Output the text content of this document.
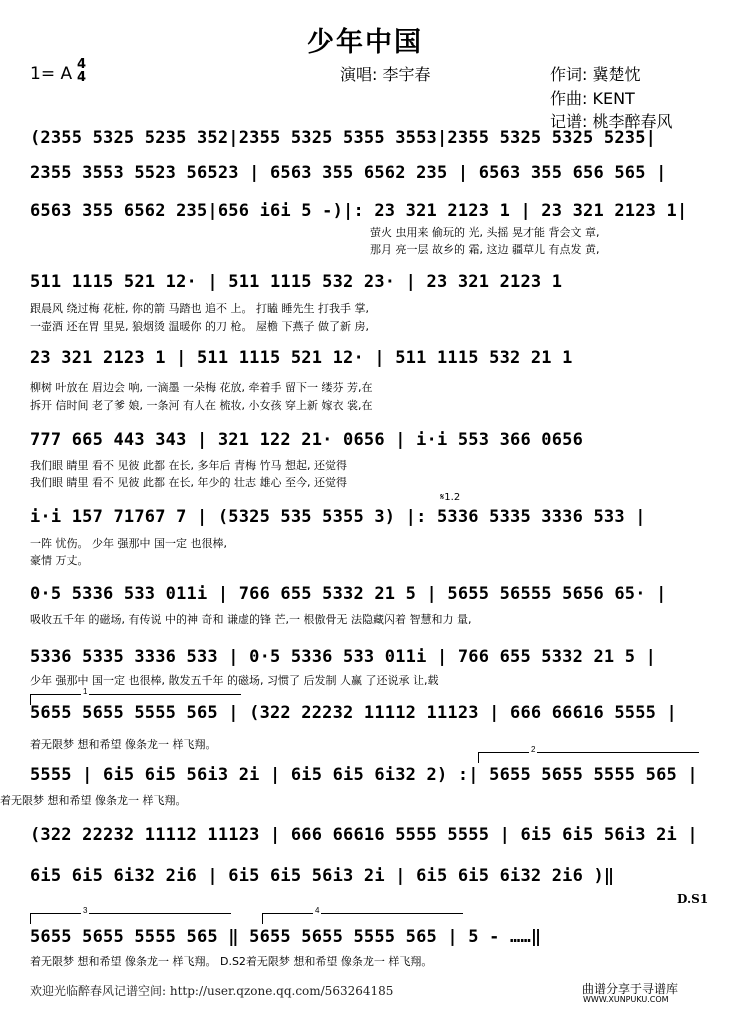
少年中国
1= A 4
4	演唱: 李宇春	作词: 冀楚忱
作曲: KENT
记谱: 桃李醉春风
(2355 5325 5235 352|2355 5325 5355 3553|2355 5325 5325 5235|
2355 3553 5523 56523 | 6563 355 6562 235 | 6563 355 656 565 |
6563 355 6562 235|656 i6i 5 -)|: 23 321 2123 1 | 23 321 2123 1|
萤火 虫用来 偷玩的 光, 头摇 晃才能 背会文 章,
那月 亮一层 故乡的 霜, 这边 疆草儿 有点发 黄,
511 1115 521 12· | 511 1115 532 23· | 23 321 2123 1
跟晨风 绕过梅 花桩, 你的箭 马踏也 追不 上。 打瞌 睡先生 打我手 掌,
一壶酒 还在胃 里晃, 狼烟烫 温暖你 的刀 枪。 屋檐 下燕子 做了新 房,
23 321 2123 1 | 511 1115 521 12· | 511 1115 532 21 1
柳树 叶放在 眉边会 响, 一滴墨 一朵梅 花放, 牵着手 留下一 缕芬 芳,在
拆开 信时间 老了爹 娘, 一条河 有人在 梳妆, 小女孩 穿上新 嫁衣 裳,在
777 665 443 343 | 321 122 21· 0656 | i·i 553 366 0656
我们眼 睛里 看不 见彼 此都 在长, 多年后 青梅 竹马 想起, 还觉得
我们眼 睛里 看不 见彼 此都 在长, 年少的 壮志 雄心 至今, 还觉得
𝄋1.2
i·i 157 71767 7 | (5325 535 5355 3) |: 5336 5335 3336 533 |
一阵 忧伤。 少年 强那中 国一定 也很棒,
豪情 万丈。
0·5 5336 533 011i | 766 655 5332 21 5 | 5655 56555 5656 65· |
吸收五千年 的磁场, 有传说 中的神 奇和 谦虚的锋 芒,一 根傲骨无 法隐藏闪着 智慧和力 量,
5336 5335 3336 533 | 0·5 5336 533 011i | 766 655 5332 21 5 |
少年 强那中 国一定 也很棒, 散发五千年 的磁场, 习惯了 后发制 人赢 了还说承 让,载
1
5655 5655 5555 565 | (322 22232 11112 11123 | 666 66616 5555 |
着无限梦 想和希望 像条龙一 样飞翔。	2
5555 | 6i5 6i5 56i3 2i | 6i5 6i5 6i32 2) :| 5655 5655 5555 565 |
着无限梦 想和希望 像条龙一 样飞翔。
(322 22232 11112 11123 | 666 66616 5555 5555 | 6i5 6i5 56i3 2i |
6i5 6i5 6i32 2i6 | 6i5 6i5 56i3 2i | 6i5 6i5 6i32 2i6 )‖
D.S1
3	4
5655 5655 5555 565 ‖ 5655 5655 5555 565 | 5 - ……‖
着无限梦 想和希望 像条龙一 样飞翔。 D.S2着无限梦 想和希望 像条龙一 样飞翔。
欢迎光临醉春风记谱空间: http://user.qzone.qq.com/563264185	曲谱分享于寻谱库
WWW.XUNPUKU.COM
